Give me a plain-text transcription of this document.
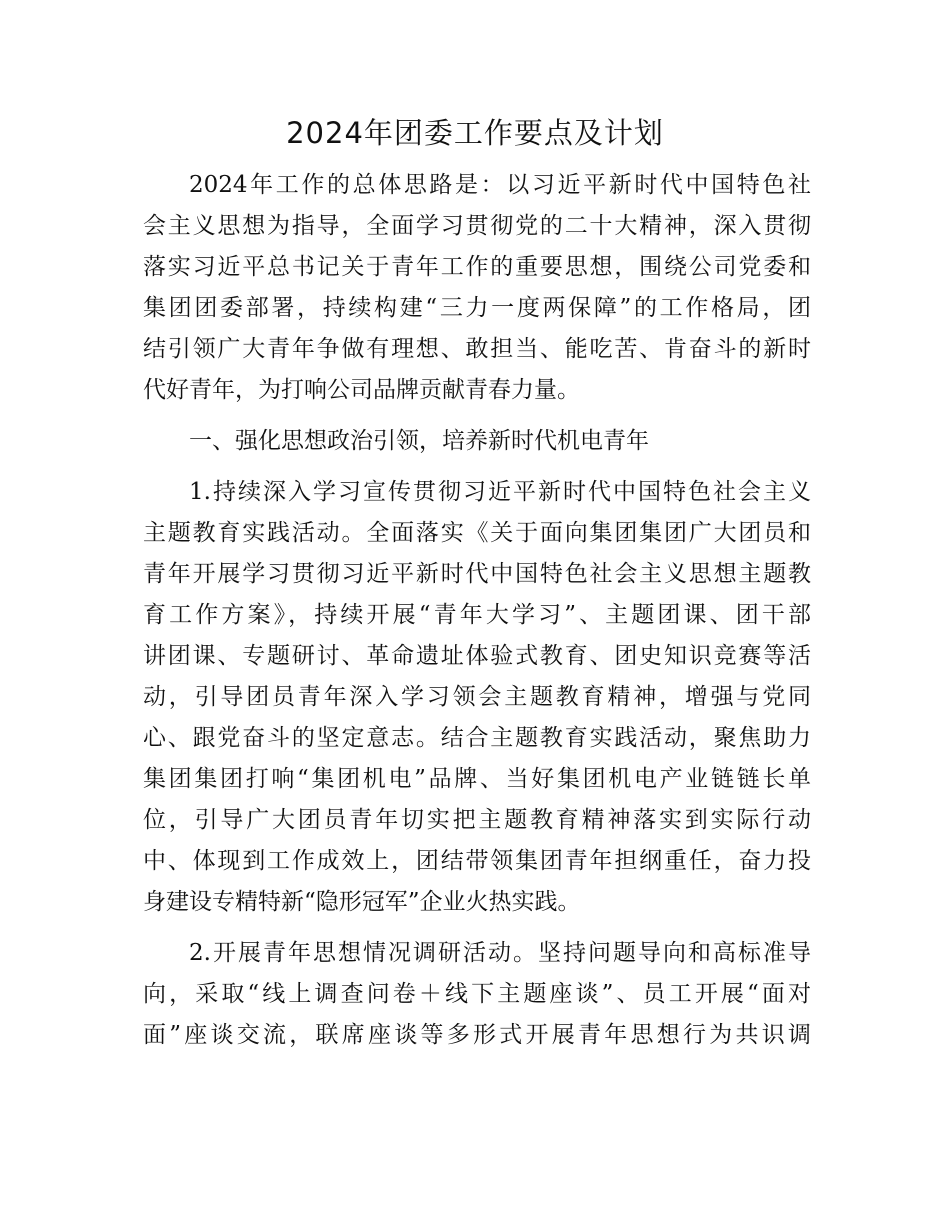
2024年团委工作要点及计划
2024年工作的总体思路是：以习近平新时代中国特色社
会主义思想为指导，全面学习贯彻党的二十大精神，深入贯彻
落实习近平总书记关于青年工作的重要思想，围绕公司党委和
集团团委部署，持续构建“三力一度两保障”的工作格局，团
结引领广大青年争做有理想、敢担当、能吃苦、肯奋斗的新时
代好青年，为打响公司品牌贡献青春力量。
一、强化思想政治引领，培养新时代机电青年
1.持续深入学习宣传贯彻习近平新时代中国特色社会主义
主题教育实践活动。全面落实《关于面向集团集团广大团员和
青年开展学习贯彻习近平新时代中国特色社会主义思想主题教
育工作方案》，持续开展“青年大学习”、主题团课、团干部
讲团课、专题研讨、革命遗址体验式教育、团史知识竞赛等活
动，引导团员青年深入学习领会主题教育精神，增强与党同
心、跟党奋斗的坚定意志。结合主题教育实践活动，聚焦助力
集团集团打响“集团机电”品牌、当好集团机电产业链链长单
位，引导广大团员青年切实把主题教育精神落实到实际行动
中、体现到工作成效上，团结带领集团青年担纲重任，奋力投
身建设专精特新“隐形冠军”企业火热实践。
2.开展青年思想情况调研活动。坚持问题导向和高标准导
向，采取“线上调查问卷＋线下主题座谈”、员工开展“面对
面”座谈交流，联席座谈等多形式开展青年思想行为共识调
